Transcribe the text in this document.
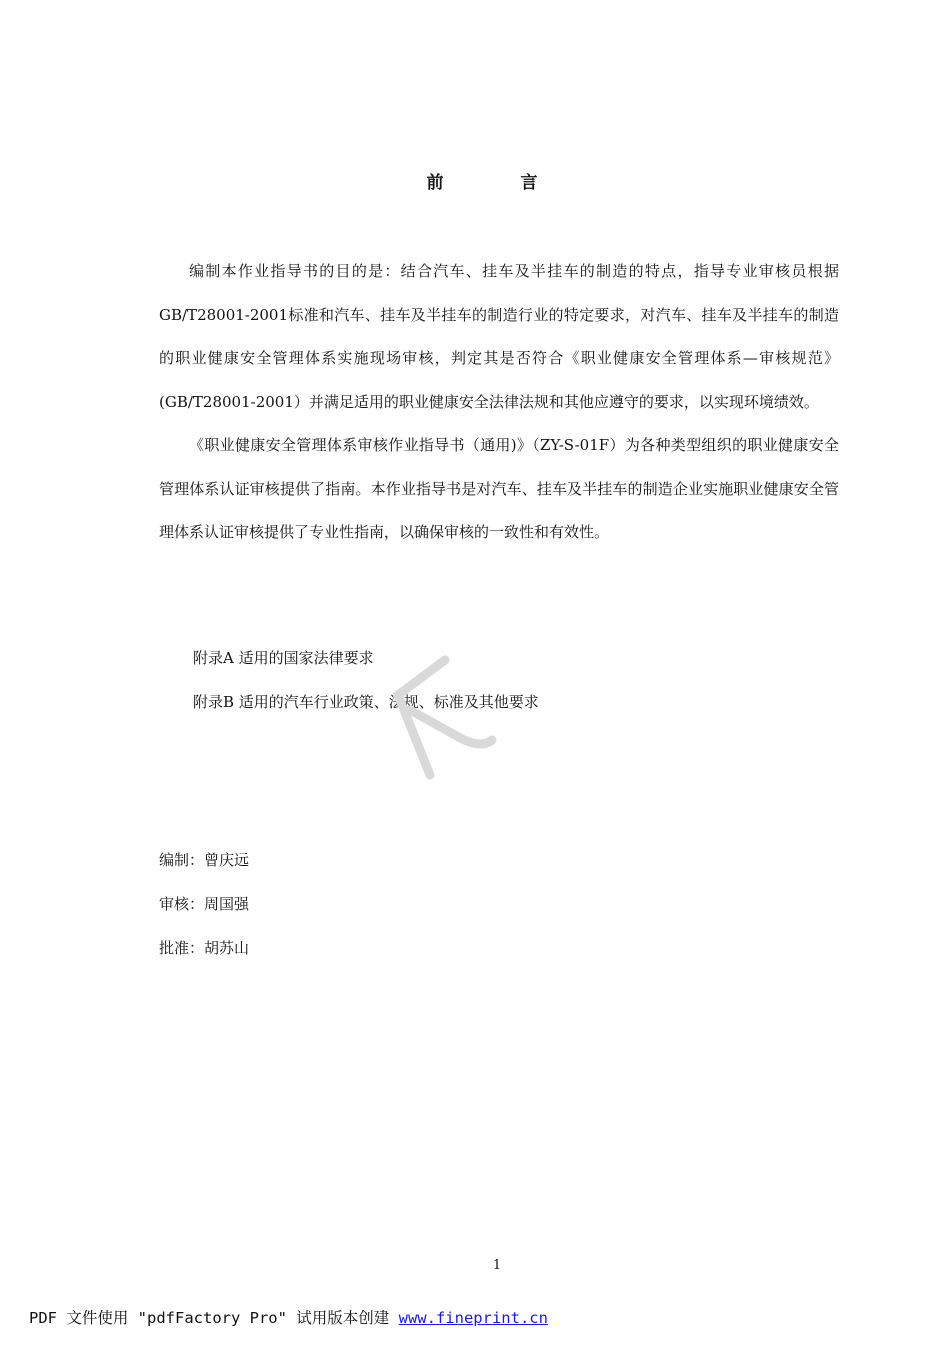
前　言

编制本作业指导书的目的是：结合汽车、挂车及半挂车的制造的特点，指导专业审核员根据GB/T28001-2001标准和汽车、挂车及半挂车的制造行业的特定要求，对汽车、挂车及半挂车的制造的职业健康安全管理体系实施现场审核，判定其是否符合《职业健康安全管理体系—审核规范》(GB/T28001-2001）并满足适用的职业健康安全法律法规和其他应遵守的要求，以实现环境绩效。

《职业健康安全管理体系审核作业指导书（通用)》（ZY-S-01F）为各种类型组织的职业健康安全管理体系认证审核提供了指南。本作业指导书是对汽车、挂车及半挂车的制造企业实施职业健康安全管理体系认证审核提供了专业性指南，以确保审核的一致性和有效性。

附录A 适用的国家法律要求
附录B 适用的汽车行业政策、法规、标准及其他要求
编制：曾庆远
审核：周国强
批准：胡苏山
1
PDF 文件使用 "pdfFactory Pro" 试用版本创建 www.fineprint.cn
